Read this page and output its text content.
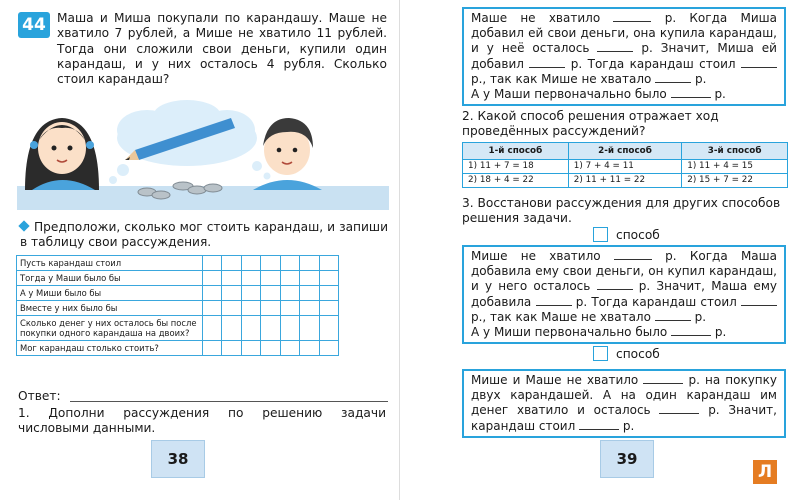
44 Маша и Миша покупали по карандашу. Маше не хватило 7 рублей, а Мише не хватило 11 рублей. Тогда они сложили свои деньги, купили один карандаш, и у них осталось 4 рубля. Сколько стоил карандаш?
Предположи, сколько мог стоить карандаш, и запиши в таблицу свои рассуждения.
Пусть карандаш стоил							
Тогда у Маши было бы							
А у Миши было бы							
Вместе у них было бы							
Сколько денег у них осталось бы после покупки одного карандаша на двоих?							
Мог карандаш столько стоить?							
Ответ:
1. Дополни рассуждения по решению задачи числовыми данными.
38
Маше не хватило	р. Когда Миша добавил ей свои деньги, она купила карандаш, и у неё осталось	р. Значит, Миша ей добавил	р. Тогда карандаш стоил  р., так как Мише не хватало	р.
А у Маши первоначально было	р.
2. Какой способ решения отражает ход проведённых рассуждений?
1-й способ	2-й способ	3-й способ
1) 11 + 7 = 18	1) 7 + 4 = 11	1) 11 + 4 = 15
2) 18 + 4 = 22	2) 11 + 11 = 22	2) 15 + 7 = 22
3. Восстанови рассуждения для других способов решения задачи.
способ
Мише не хватило	р. Когда Маша добавила ему свои деньги, он купил карандаш, и у него осталось	р. Значит, Маша ему добавила	р. Тогда карандаш стоил  р., так как Маше не хватало	р.
А у Миши первоначально было	р.
способ
Мише и Маше не хватило	р. на покупку двух карандашей. А на один карандаш им денег хватило и осталось	р. Значит, карандаш стоил	р.
39
Л
